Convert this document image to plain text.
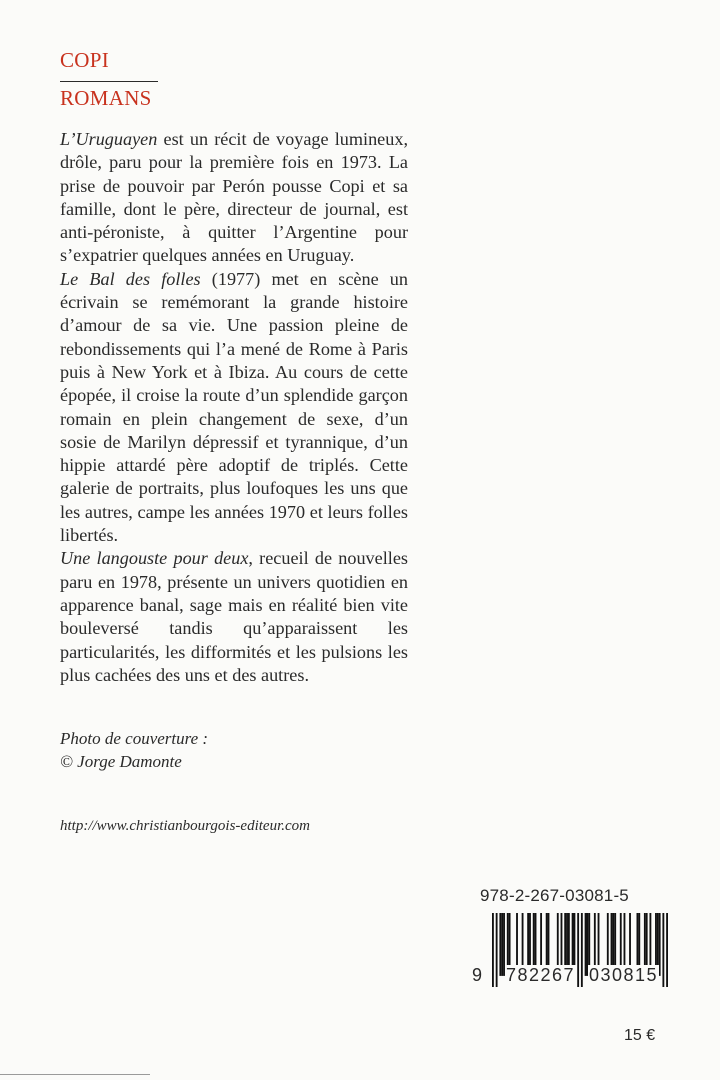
COPI
ROMANS

L’Uruguayen est un récit de voyage lumineux, drôle, paru pour la première fois en 1973. La prise de pouvoir par Perón pousse Copi et sa famille, dont le père, directeur de journal, est anti-péroniste, à quitter l’Argentine pour s’expatrier quelques années en Uruguay.

Le Bal des folles (1977) met en scène un écrivain se remémorant la grande histoire d’amour de sa vie. Une passion pleine de rebondissements qui l’a mené de Rome à Paris puis à New York et à Ibiza. Au cours de cette épopée, il croise la route d’un splendide garçon romain en plein changement de sexe, d’un sosie de Marilyn dépressif et tyrannique, d’un hippie attardé père adoptif de triplés. Cette galerie de portraits, plus loufoques les uns que les autres, campe les années 1970 et leurs folles libertés.

Une langouste pour deux, recueil de nouvelles paru en 1978, présente un univers quotidien en apparence banal, sage mais en réalité bien vite bouleversé tandis qu’apparaissent les particularités, les difformités et les pulsions les plus cachées des uns et des autres.

Photo de couverture :
© Jorge Damonte
http://www.christianbourgois-editeur.com
978-2-267-03081-5
9 782267 030815
15 €
